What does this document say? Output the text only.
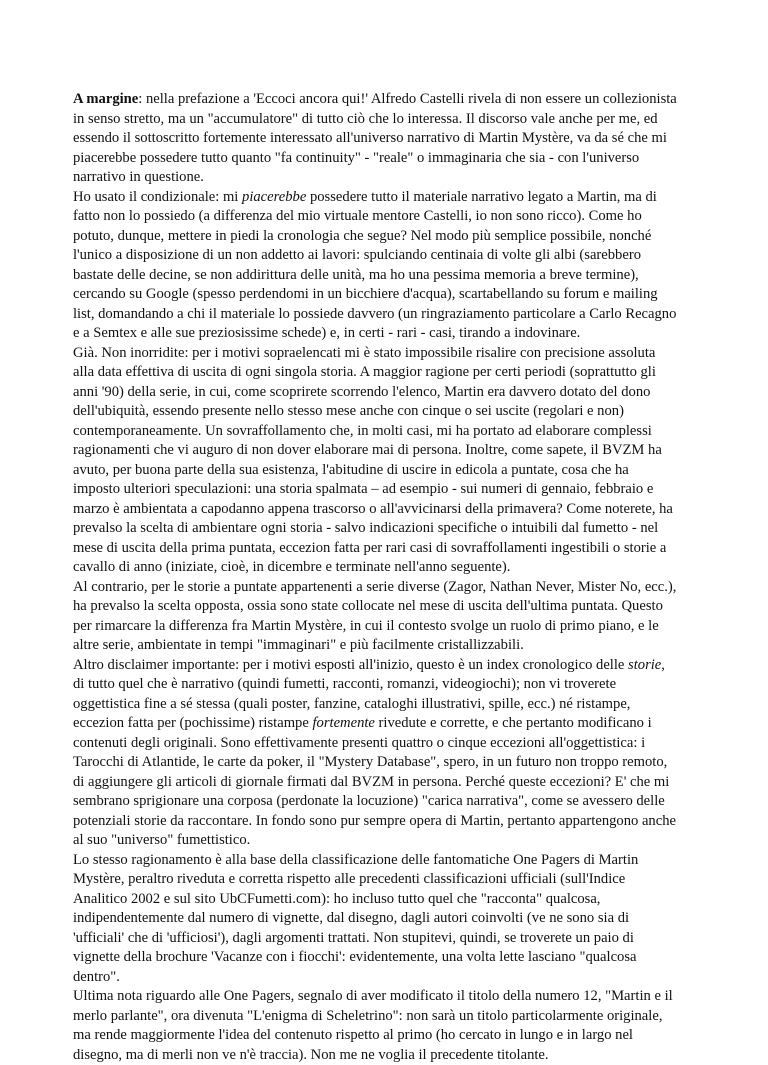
A margine: nella prefazione a 'Eccoci ancora qui!' Alfredo Castelli rivela di non essere un collezionista in senso stretto, ma un "accumulatore" di tutto ciò che lo interessa. Il discorso vale anche per me, ed essendo il sottoscritto fortemente interessato all'universo narrativo di Martin Mystère, va da sé che mi piacerebbe possedere tutto quanto "fa continuity" - "reale" o immaginaria che sia - con l'universo narrativo in questione.

Ho usato il condizionale: mi piacerebbe possedere tutto il materiale narrativo legato a Martin, ma di fatto non lo possiedo (a differenza del mio virtuale mentore Castelli, io non sono ricco). Come ho potuto, dunque, mettere in piedi la cronologia che segue? Nel modo più semplice possibile, nonché l'unico a disposizione di un non addetto ai lavori: spulciando centinaia di volte gli albi (sarebbero bastate delle decine, se non addirittura delle unità, ma ho una pessima memoria a breve termine), cercando su Google (spesso perdendomi in un bicchiere d'acqua), scartabellando su forum e mailing list, domandando a chi il materiale lo possiede davvero (un ringraziamento particolare a Carlo Recagno e a Semtex e alle sue preziosissime schede) e, in certi - rari - casi, tirando a indovinare.

Già. Non inorridite: per i motivi sopraelencati mi è stato impossibile risalire con precisione assoluta alla data effettiva di uscita di ogni singola storia. A maggior ragione per certi periodi (soprattutto gli anni '90) della serie, in cui, come scoprirete scorrendo l'elenco, Martin era davvero dotato del dono dell'ubiquità, essendo presente nello stesso mese anche con cinque o sei uscite (regolari e non) contemporaneamente. Un sovraffollamento che, in molti casi, mi ha portato ad elaborare complessi ragionamenti che vi auguro di non dover elaborare mai di persona. Inoltre, come sapete, il BVZM ha avuto, per buona parte della sua esistenza, l'abitudine di uscire in edicola a puntate, cosa che ha imposto ulteriori speculazioni: una storia spalmata – ad esempio - sui numeri di gennaio, febbraio e marzo è ambientata a capodanno appena trascorso o all'avvicinarsi della primavera? Come noterete, ha prevalso la scelta di ambientare ogni storia - salvo indicazioni specifiche o intuibili dal fumetto - nel mese di uscita della prima puntata, eccezion fatta per rari casi di sovraffollamenti ingestibili o storie a cavallo di anno (iniziate, cioè, in dicembre e terminate nell'anno seguente).

Al contrario, per le storie a puntate appartenenti a serie diverse (Zagor, Nathan Never, Mister No, ecc.), ha prevalso la scelta opposta, ossia sono state collocate nel mese di uscita dell'ultima puntata. Questo per rimarcare la differenza fra Martin Mystère, in cui il contesto svolge un ruolo di primo piano, e le altre serie, ambientate in tempi "immaginari" e più facilmente cristallizzabili.

Altro disclaimer importante: per i motivi esposti all'inizio, questo è un index cronologico delle storie, di tutto quel che è narrativo (quindi fumetti, racconti, romanzi, videogiochi); non vi troverete oggettistica fine a sé stessa (quali poster, fanzine, cataloghi illustrativi, spille, ecc.) né ristampe, eccezion fatta per (pochissime) ristampe fortemente rivedute e corrette, e che pertanto modificano i contenuti degli originali. Sono effettivamente presenti quattro o cinque eccezioni all'oggettistica: i Tarocchi di Atlantide, le carte da poker, il "Mystery Database", spero, in un futuro non troppo remoto, di aggiungere gli articoli di giornale firmati dal BVZM in persona. Perché queste eccezioni? E' che mi sembrano sprigionare una corposa (perdonate la locuzione) "carica narrativa", come se avessero delle potenziali storie da raccontare. In fondo sono pur sempre opera di Martin, pertanto appartengono anche al suo "universo" fumettistico.

Lo stesso ragionamento è alla base della classificazione delle fantomatiche One Pagers di Martin Mystère, peraltro riveduta e corretta rispetto alle precedenti classificazioni ufficiali (sull'Indice Analitico 2002 e sul sito UbCFumetti.com): ho incluso tutto quel che "racconta" qualcosa, indipendentemente dal numero di vignette, dal disegno, dagli autori coinvolti (ve ne sono sia di 'ufficiali' che di 'ufficiosi'), dagli argomenti trattati. Non stupitevi, quindi, se troverete un paio di vignette della brochure 'Vacanze con i fiocchi': evidentemente, una volta lette lasciano "qualcosa dentro".

Ultima nota riguardo alle One Pagers, segnalo di aver modificato il titolo della numero 12, "Martin e il merlo parlante", ora divenuta "L'enigma di Scheletrino": non sarà un titolo particolarmente originale, ma rende maggiormente l'idea del contenuto rispetto al primo (ho cercato in lungo e in largo nel disegno, ma di merli non ve n'è traccia). Non me ne voglia il precedente titolante.
